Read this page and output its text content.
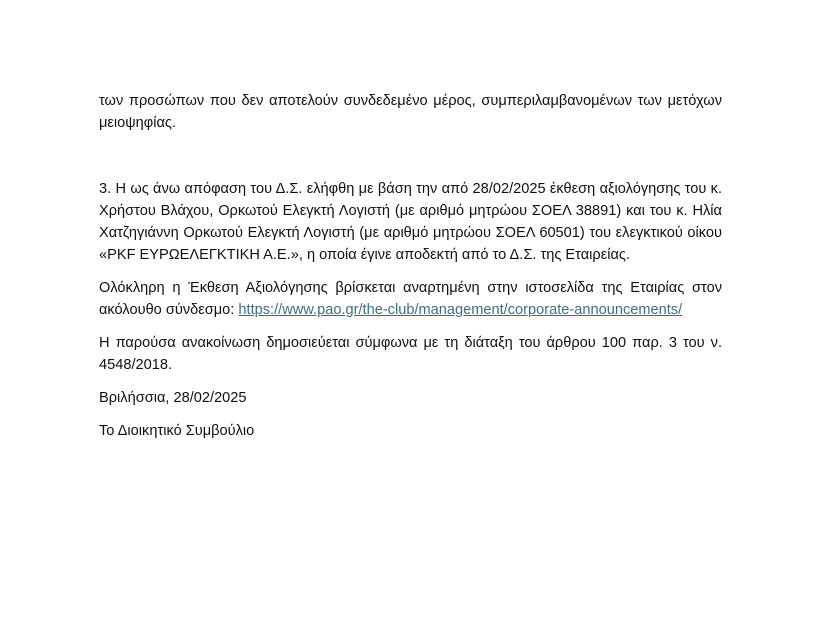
των προσώπων που δεν αποτελούν συνδεδεμένο μέρος, συμπεριλαμβανομένων των μετόχων μειοψηφίας.

3. Η ως άνω απόφαση του Δ.Σ. ελήφθη με βάση την από 28/02/2025 έκθεση αξιολόγησης του κ. Χρήστου Βλάχου, Ορκωτού Ελεγκτή Λογιστή (με αριθμό μητρώου ΣΟΕΛ 38891) και του κ. Ηλία Χατζηγιάννη Ορκωτού Ελεγκτή Λογιστή (με αριθμό μητρώου ΣΟΕΛ 60501) του ελεγκτικού οίκου «PKF ΕΥΡΩΕΛΕΓΚΤΙΚΗ Α.Ε.», η οποία έγινε αποδεκτή από το Δ.Σ. της Εταιρείας.

Ολόκληρη η Έκθεση Αξιολόγησης βρίσκεται αναρτημένη στην ιστοσελίδα της Εταιρίας στον ακόλουθο σύνδεσμο: https://www.pao.gr/the-club/management/corporate-announcements/

Η παρούσα ανακοίνωση δημοσιεύεται σύμφωνα με τη διάταξη του άρθρου 100 παρ. 3 του ν. 4548/2018.

Βριλήσσια, 28/02/2025

Το Διοικητικό Συμβούλιο
